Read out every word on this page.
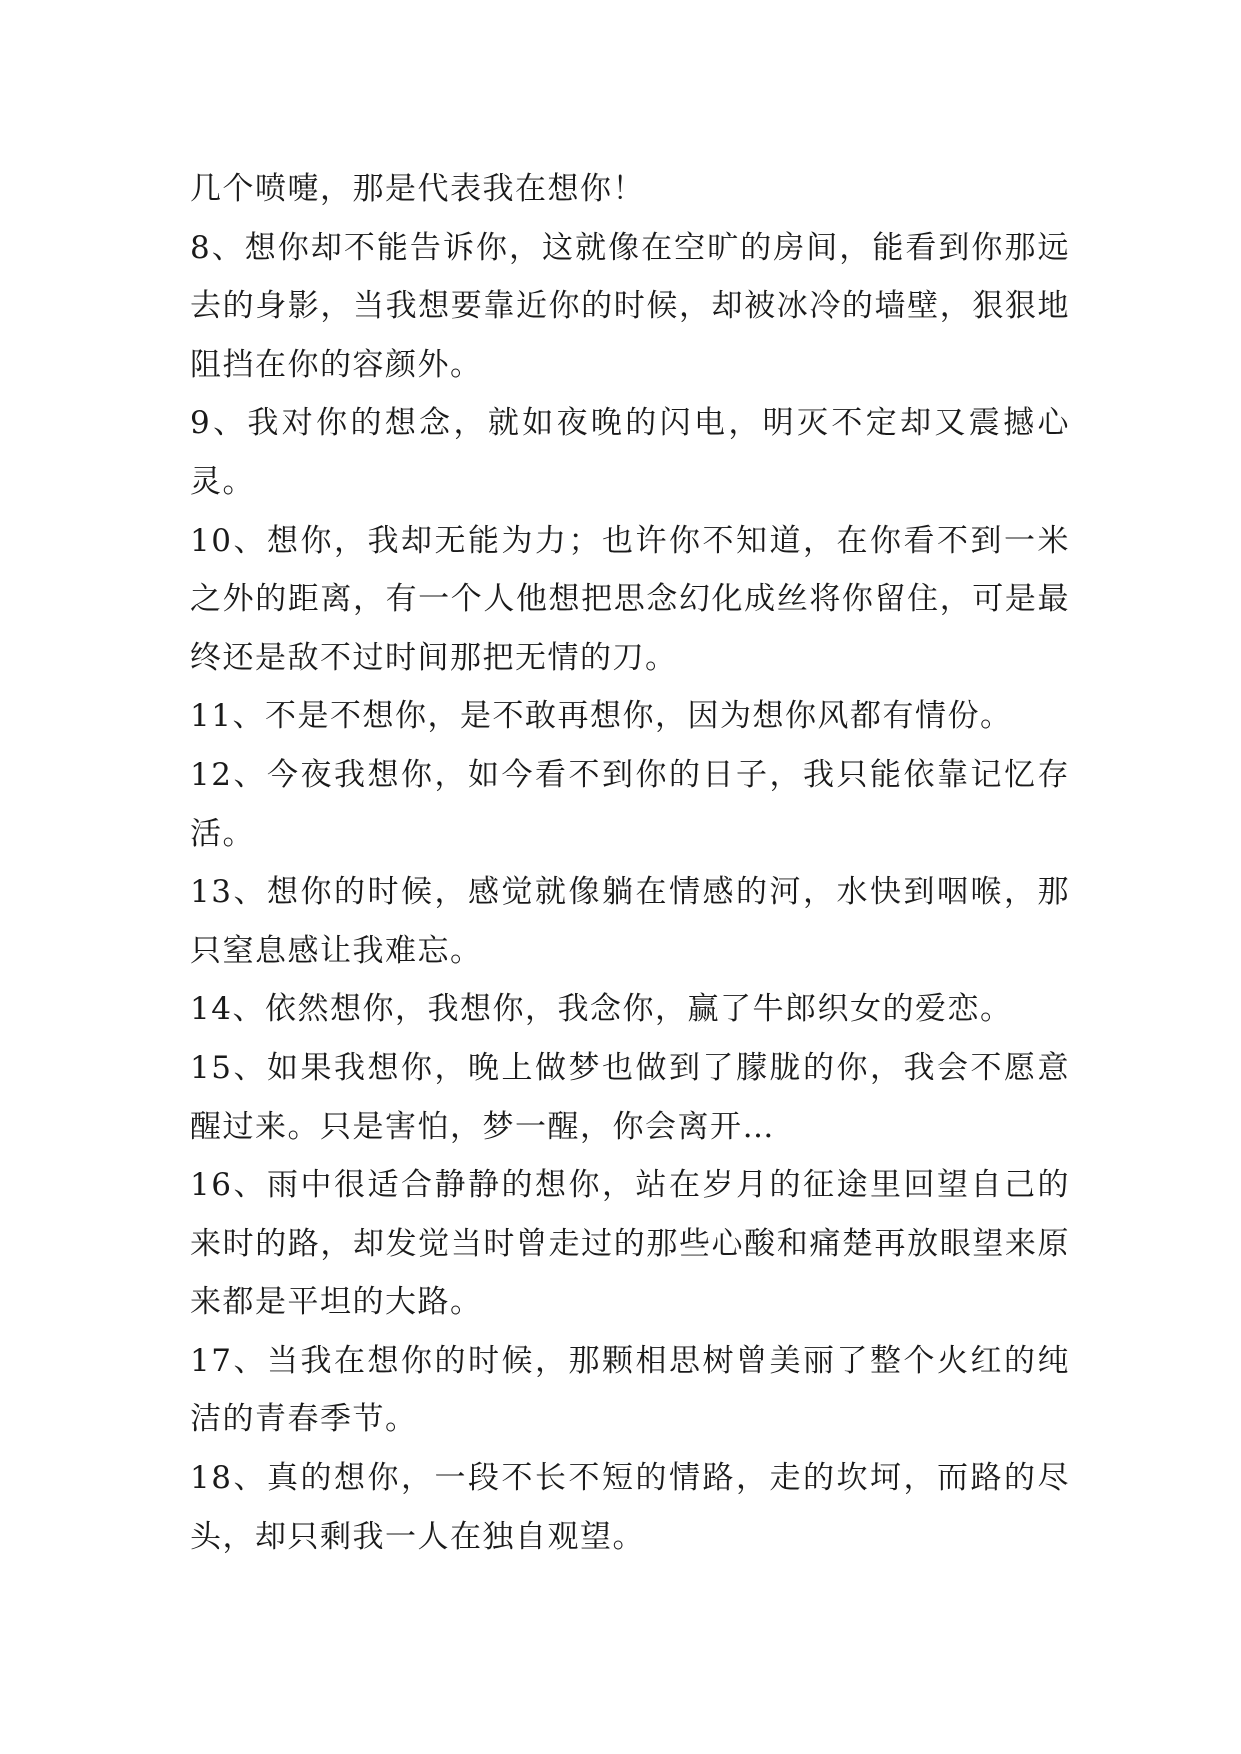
几个喷嚏，那是代表我在想你！

8、想你却不能告诉你，这就像在空旷的房间，能看到你那远去的身影，当我想要靠近你的时候，却被冰冷的墙壁，狠狠地阻挡在你的容颜外。

9、我对你的想念，就如夜晚的闪电，明灭不定却又震撼心灵。

10、想你，我却无能为力；也许你不知道，在你看不到一米之外的距离，有一个人他想把思念幻化成丝将你留住，可是最终还是敌不过时间那把无情的刀。

11、不是不想你，是不敢再想你，因为想你风都有情份。

12、今夜我想你，如今看不到你的日子，我只能依靠记忆存活。

13、想你的时候，感觉就像躺在情感的河，水快到咽喉，那只窒息感让我难忘。

14、依然想你，我想你，我念你，赢了牛郎织女的爱恋。

15、如果我想你，晚上做梦也做到了朦胧的你，我会不愿意醒过来。只是害怕，梦一醒，你会离开…

16、雨中很适合静静的想你，站在岁月的征途里回望自己的来时的路，却发觉当时曾走过的那些心酸和痛楚再放眼望来原来都是平坦的大路。

17、当我在想你的时候，那颗相思树曾美丽了整个火红的纯洁的青春季节。

18、真的想你，一段不长不短的情路，走的坎坷，而路的尽头，却只剩我一人在独自观望。
